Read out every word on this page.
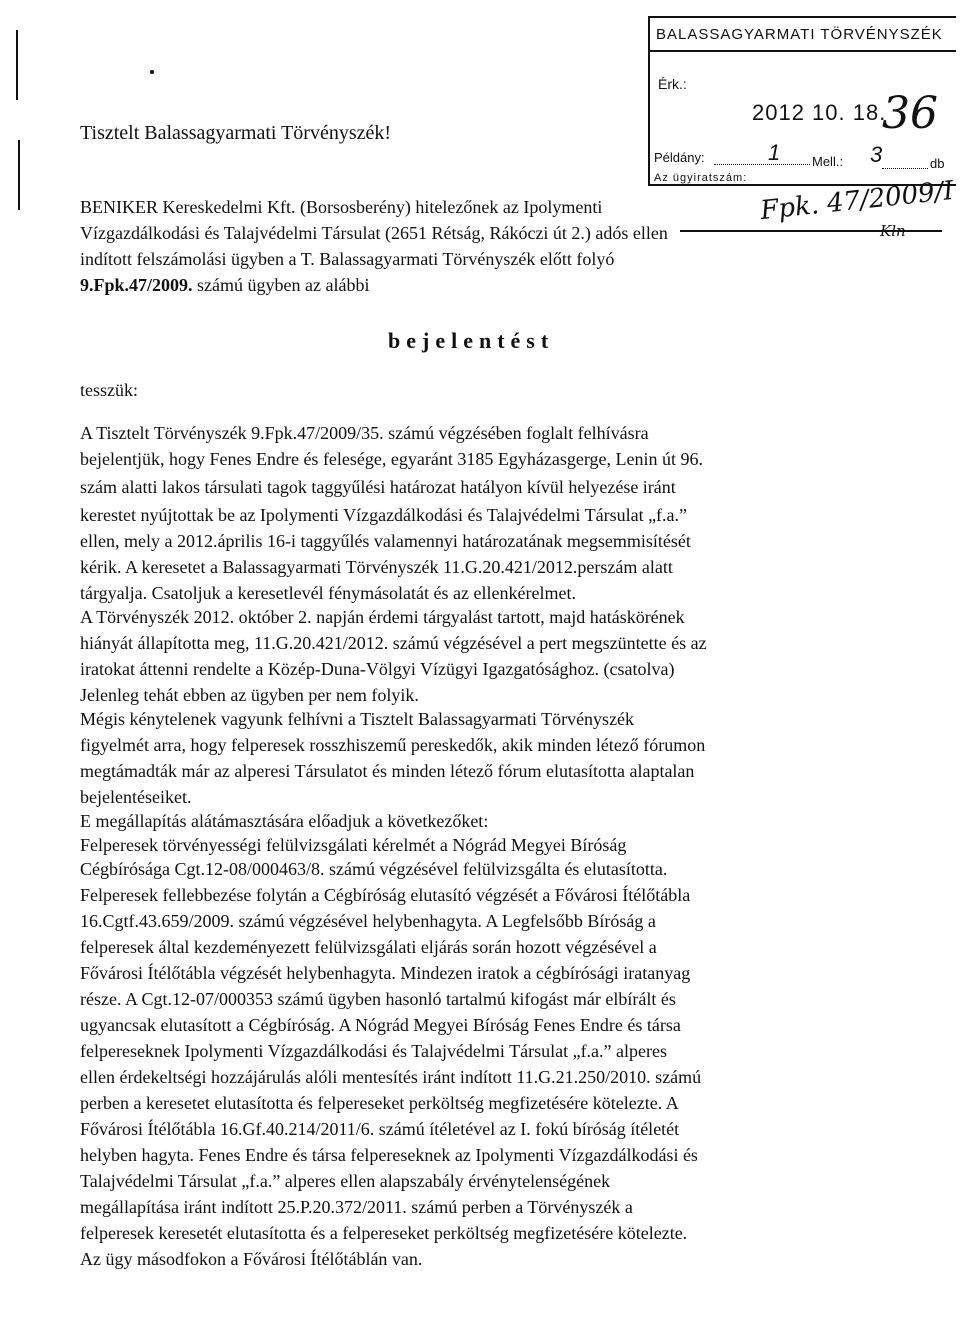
BALASSAGYARMATI TÖRVÉNYSZÉK
Érk.:
2012 10. 18.
36
Példány:	1 Mell.: 3	db
Az ügyiratszám: Fpk. 47/2009/I
Kln
Tisztelt Balassagyarmati Törvényszék!
BENIKER Kereskedelmi Kft. (Borsosberény) hitelezőnek az Ipolymenti
Vízgazdálkodási és Talajvédelmi Társulat (2651 Rétság, Rákóczi út 2.) adós ellen
indított felszámolási ügyben a T. Balassagyarmati Törvényszék előtt folyó
9.Fpk.47/2009. számú ügyben az alábbi
bejelentést
tesszük:
A Tisztelt Törvényszék 9.Fpk.47/2009/35. számú végzésében foglalt felhívásra
bejelentjük, hogy Fenes Endre és felesége, egyaránt 3185 Egyházasgerge, Lenin út 96.
szám alatti lakos társulati tagok taggyűlési határozat hatályon kívül helyezése iránt
kerestet nyújtottak be az Ipolymenti Vízgazdálkodási és Talajvédelmi Társulat „f.a.”
ellen, mely a 2012.április 16-i taggyűlés valamennyi határozatának megsemmisítését
kérik. A keresetet a Balassagyarmati Törvényszék 11.G.20.421/2012.perszám alatt
tárgyalja. Csatoljuk a keresetlevél fénymásolatát és az ellenkérelmet.
A Törvényszék 2012. október 2. napján érdemi tárgyalást tartott, majd hatáskörének
hiányát állapította meg, 11.G.20.421/2012. számú végzésével a pert megszüntette és az
iratokat áttenni rendelte a Közép-Duna-Völgyi Vízügyi Igazgatósághoz. (csatolva)
Jelenleg tehát ebben az ügyben per nem folyik.
Mégis kénytelenek vagyunk felhívni a Tisztelt Balassagyarmati Törvényszék
figyelmét arra, hogy felperesek rosszhiszemű pereskedők, akik minden létező fórumon
megtámadták már az alperesi Társulatot és minden létező fórum elutasította alaptalan
bejelentéseiket.
E megállapítás alátámasztására előadjuk a következőket:
Felperesek törvényességi felülvizsgálati kérelmét a Nógrád Megyei Bíróság
Cégbírósága Cgt.12-08/000463/8. számú végzésével felülvizsgálta és elutasította.
Felperesek fellebbezése folytán a Cégbíróság elutasító végzését a Fővárosi Ítélőtábla
16.Cgtf.43.659/2009. számú végzésével helybenhagyta. A Legfelsőbb Bíróság a
felperesek által kezdeményezett felülvizsgálati eljárás során hozott végzésével a
Fővárosi Ítélőtábla végzését helybenhagyta. Mindezen iratok a cégbírósági iratanyag
része. A Cgt.12-07/000353 számú ügyben hasonló tartalmú kifogást már elbírált és
ugyancsak elutasított a Cégbíróság. A Nógrád Megyei Bíróság Fenes Endre és társa
felpereseknek Ipolymenti Vízgazdálkodási és Talajvédelmi Társulat „f.a.” alperes
ellen érdekeltségi hozzájárulás alóli mentesítés iránt indított 11.G.21.250/2010. számú
perben a keresetet elutasította és felpereseket perköltség megfizetésére kötelezte. A
Fővárosi Ítélőtábla 16.Gf.40.214/2011/6. számú ítéletével az I. fokú bíróság ítéletét
helyben hagyta. Fenes Endre és társa felpereseknek az Ipolymenti Vízgazdálkodási és
Talajvédelmi Társulat „f.a.” alperes ellen alapszabály érvénytelenségének
megállapítása iránt indított 25.P.20.372/2011. számú perben a Törvényszék a
felperesek keresetét elutasította és a felpereseket perköltség megfizetésére kötelezte.
Az ügy másodfokon a Fővárosi Ítélőtáblán van.
